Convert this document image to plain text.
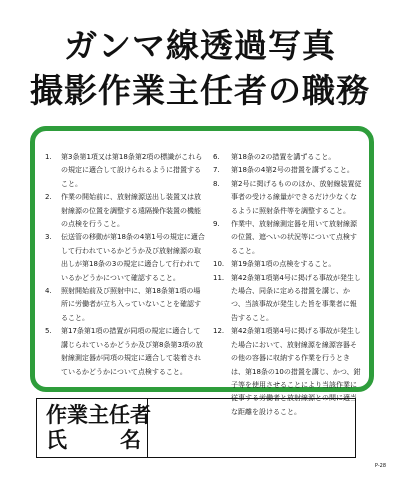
ガンマ線透過写真
撮影作業主任者の職務
1.	第3条第1項又は第18条第2項の標識がこれらの規定に適合して設けられるように措置すること。
2.	作業の開始前に、放射線源送出し装置又は放射線源の位置を調整する遠隔操作装置の機能の点検を行うこと。
3.	伝送管の移動が第18条の4第1号の規定に適合して行われているかどうか及び放射線源の取出しが第18条の3の規定に適合して行われているかどうかについて確認すること。
4.	照射開始前及び照射中に、第18条第1項の場所に労働者が立ち入っていないことを確認すること。
5.	第17条第1項の措置が同項の規定に適合して講じられているかどうか及び第8条第3項の放射線測定器が同項の規定に適合して装着されているかどうかについて点検すること。
6.	第18条の2の措置を講ずること。
7.	第18条の4第2号の措置を講ずること。
8.	第2号に掲げるもののほか、放射線装置従事者の受ける線量ができるだけ少なくなるように照射条件等を調整すること。
9.	作業中、放射線測定器を用いて放射線源の位置、遮へいの状況等について点検すること。
10. 第19条第1項の点検をすること。
11. 第42条第1項第4号に掲げる事故が発生した場合、同条に定める措置を講じ、かつ、当該事故が発生した旨を事業者に報告すること。
12. 第42条第1項第4号に掲げる事故が発生した場合において、放射線源を線源容器その他の容器に収納する作業を行うときは、第18条の10の措置を講じ、かつ、鉗子等を使用させることにより当該作業に従事する労働者と放射線源との間に適当な距離を設けること。
作業主任者
氏	名
P-28
